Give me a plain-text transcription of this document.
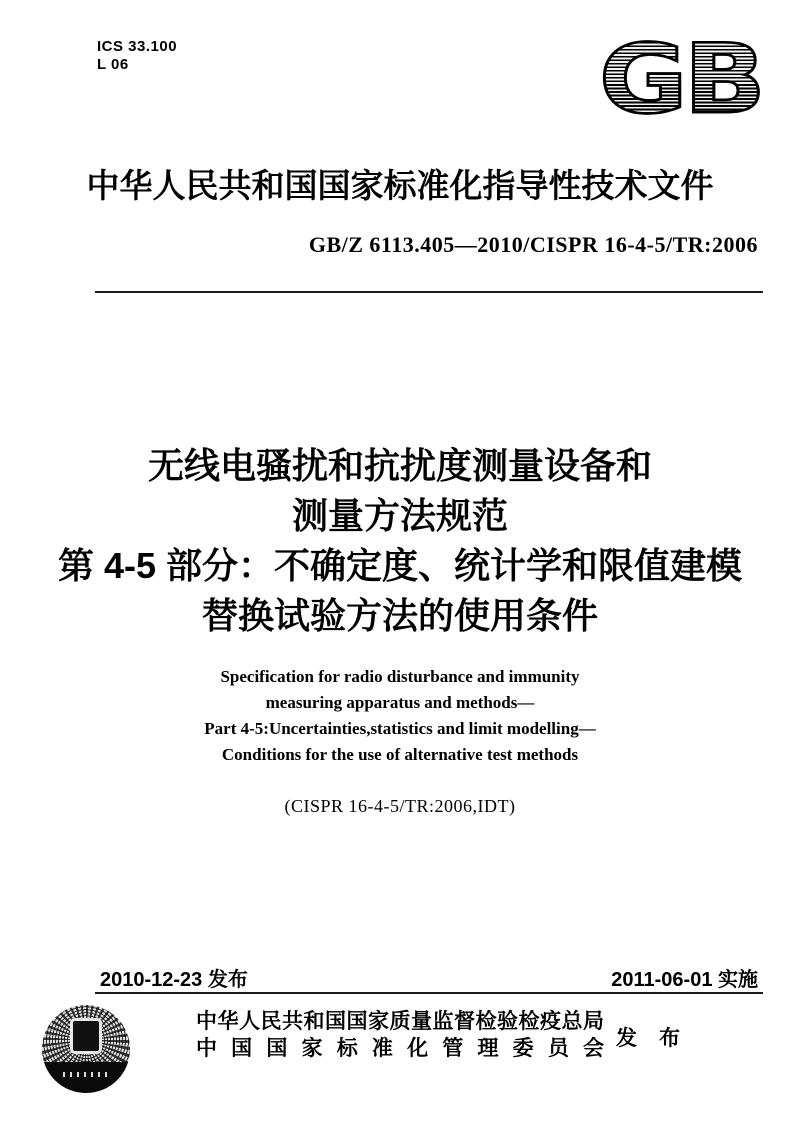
ICS 33.100
L 06	GB
中华人民共和国国家标准化指导性技术文件
GB/Z 6113.405—2010/CISPR 16-4-5/TR:2006
无线电骚扰和抗扰度测量设备和
测量方法规范
第 4-5 部分：不确定度、统计学和限值建模
替换试验方法的使用条件
Specification for radio disturbance and immunity
measuring apparatus and methods—
Part 4-5:Uncertainties,statistics and limit modelling—
Conditions for the use of alternative test methods
(CISPR 16-4-5/TR:2006,IDT)
2010-12-23 发布	2011-06-01 实施
中华人民共和国国家质量监督检验检疫总局
中国国家标准化管理委员会 发布
